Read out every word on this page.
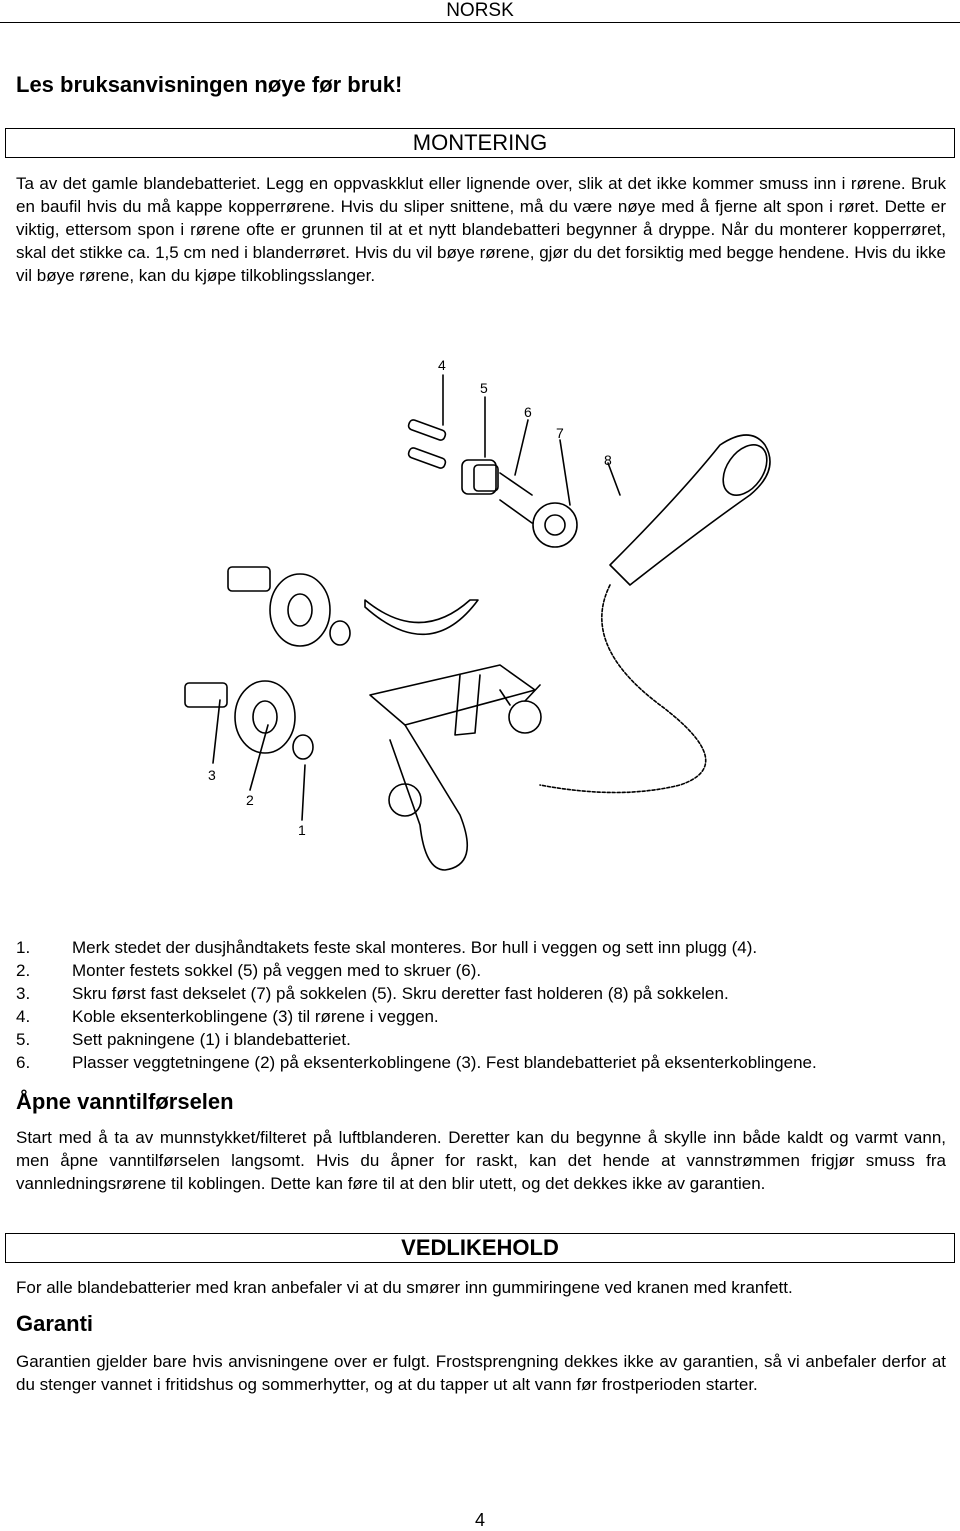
NORSK
Les bruksanvisningen nøye før bruk!
MONTERING
Ta av det gamle blandebatteriet. Legg en oppvaskklut eller lignende over, slik at det ikke kommer smuss inn i rørene. Bruk en baufil hvis du må kappe kopperrørene. Hvis du sliper snittene, må du være nøye med å fjerne alt spon i røret. Dette er viktig, ettersom spon i rørene ofte er grunnen til at et nytt blandebatteri begynner å dryppe. Når du monterer kopperrøret, skal det stikke ca. 1,5 cm ned i blanderrøret. Hvis du vil bøye rørene, gjør du det forsiktig med begge hendene. Hvis du ikke vil bøye rørene, kan du kjøpe tilkoblingsslanger.
4
5
6
7
8
3
2
1
1.	Merk stedet der dusjhåndtakets feste skal monteres. Bor hull i veggen og sett inn plugg (4).
2.	Monter festets sokkel (5) på veggen med to skruer (6).
3.	Skru først fast dekselet (7) på sokkelen (5). Skru deretter fast holderen (8) på sokkelen.
4.	Koble eksenterkoblingene (3) til rørene i veggen.
5.	Sett pakningene (1) i blandebatteriet.
6.	Plasser veggtetningene (2) på eksenterkoblingene (3). Fest blandebatteriet på eksenterkoblingene.
Åpne vanntilførselen
Start med å ta av munnstykket/filteret på luftblanderen. Deretter kan du begynne å skylle inn både kaldt og varmt vann, men åpne vanntilførselen langsomt. Hvis du åpner for raskt, kan det hende at vannstrømmen frigjør smuss fra vannledningsrørene til koblingen. Dette kan føre til at den blir utett, og det dekkes ikke av garantien.
VEDLIKEHOLD
For alle blandebatterier med kran anbefaler vi at du smører inn gummiringene ved kranen med kranfett.
Garanti
Garantien gjelder bare hvis anvisningene over er fulgt. Frostsprengning dekkes ikke av garantien, så vi anbefaler derfor at du stenger vannet i fritidshus og sommerhytter, og at du tapper ut alt vann før frostperioden starter.
4
